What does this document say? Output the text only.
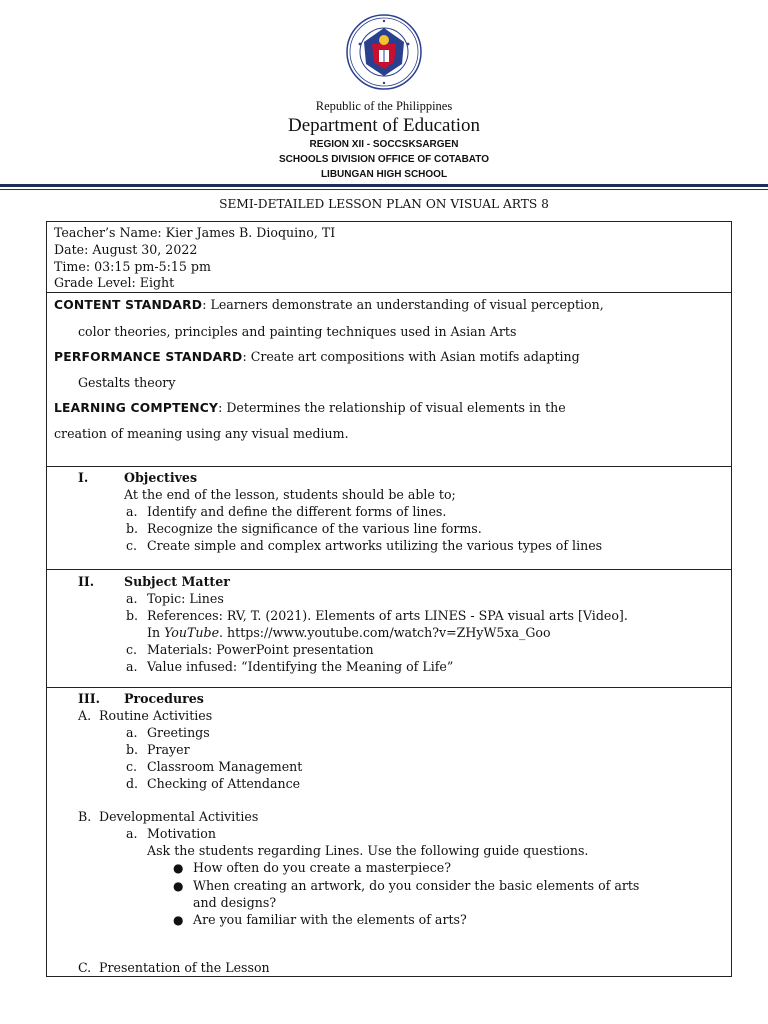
Republic of the Philippines
Department of Education
REGION XII - SOCCSKSARGEN
SCHOOLS DIVISION OFFICE OF COTABATO
LIBUNGAN HIGH SCHOOL
SEMI-DETAILED LESSON PLAN ON VISUAL ARTS 8
Teacher’s Name: Kier James B. Dioquino, TI
Date: August 30, 2022
Time: 03:15 pm-5:15 pm
Grade Level: Eight
CONTENT STANDARD: Learners demonstrate an understanding of visual perception,
color theories, principles and painting techniques used in Asian Arts
PERFORMANCE STANDARD: Create art compositions with Asian motifs adapting
Gestalts theory
LEARNING COMPTENCY: Determines the relationship of visual elements in the
creation of meaning using any visual medium.
I.	Objectives
At the end of the lesson, students should be able to;
a. Identify and define the different forms of lines.
b. Recognize the significance of the various line forms.
c. Create simple and complex artworks utilizing the various types of lines
II. Subject Matter
a. Topic: Lines
b. References: RV, T. (2021). Elements of arts LINES - SPA visual arts [Video].
In YouTube. https://www.youtube.com/watch?v=ZHyW5xa_Goo
c. Materials: PowerPoint presentation
a. Value infused: “Identifying the Meaning of Life”
III. Procedures
A. Routine Activities
a. Greetings
b. Prayer
c. Classroom Management
d. Checking of Attendance
B. Developmental Activities
a. Motivation
Ask the students regarding Lines. Use the following guide questions.
● How often do you create a masterpiece?
● When creating an artwork, do you consider the basic elements of arts
and designs?
● Are you familiar with the elements of arts?
C. Presentation of the Lesson
